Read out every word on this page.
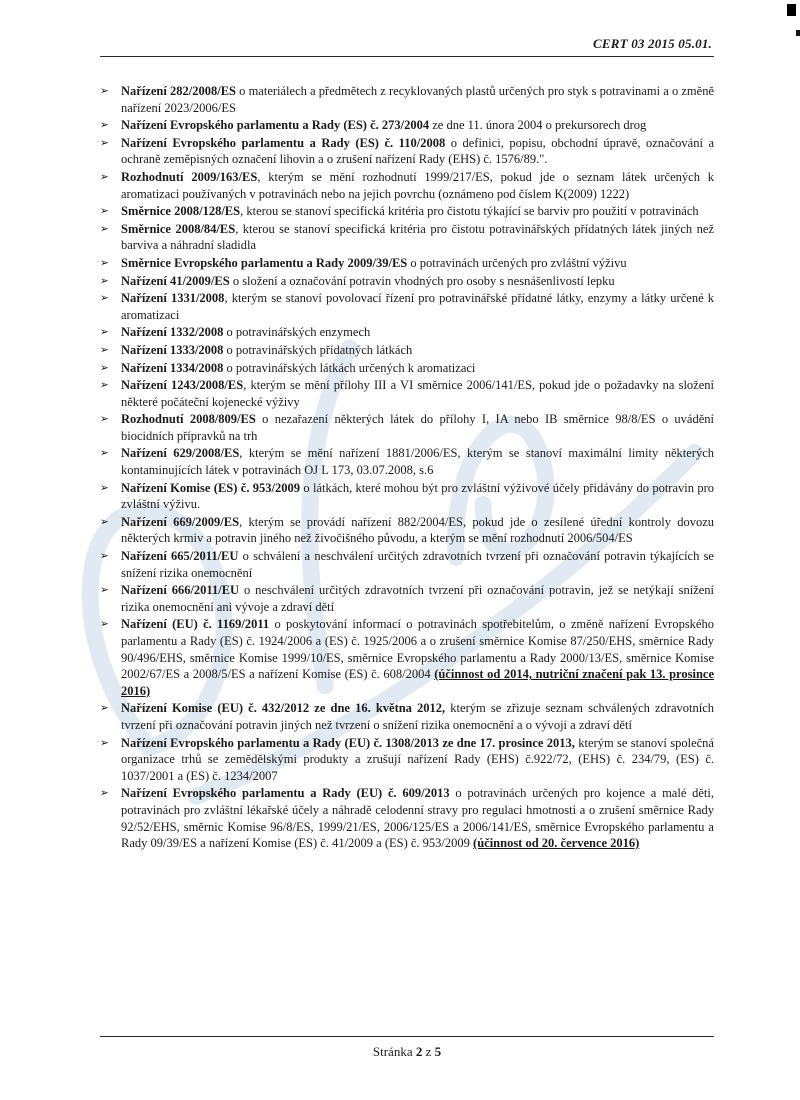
CERT 03 2015 05.01.
➢ Nařízení 282/2008/ES o materiálech a předmětech z recyklovaných plastů určených pro styk s potravinami a o změně nařízení 2023/2006/ES
➢ Nařízení Evropského parlamentu a Rady (ES) č. 273/2004 ze dne 11. února 2004 o prekursorech drog
➢ Nařízení Evropského parlamentu a Rady (ES) č. 110/2008 o definici, popisu, obchodní úpravě, označování a ochraně zeměpisných označení lihovin a o zrušení nařízení Rady (EHS) č. 1576/89.".
➢ Rozhodnutí 2009/163/ES, kterým se mění rozhodnutí 1999/217/ES, pokud jde o seznam látek určených k aromatizaci používaných v potravinách nebo na jejich povrchu (oznámeno pod číslem K(2009) 1222)
➢ Směrnice 2008/128/ES, kterou se stanoví specifická kritéria pro čistotu týkající se barviv pro použití v potravinách
➢ Směrnice 2008/84/ES, kterou se stanoví specifická kritéria pro čistotu potravinářských přídatných látek jiných než barviva a náhradní sladidla
➢ Směrnice Evropského parlamentu a Rady 2009/39/ES o potravinách určených pro zvláštní výživu
➢ Nařízení 41/2009/ES o složení a označování potravin vhodných pro osoby s nesnášenlivostí lepku
➢ Nařízení 1331/2008, kterým se stanoví povolovací řízení pro potravinářské přídatné látky, enzymy a látky určené k aromatizaci
➢ Nařízení 1332/2008 o potravinářských enzymech
➢ Nařízení 1333/2008 o potravinářských přídatných látkách
➢ Nařízení 1334/2008 o potravinářských látkách určených k aromatizaci
➢ Nařízení 1243/2008/ES, kterým se mění přílohy III a VI směrnice 2006/141/ES, pokud jde o požadavky na složení některé počáteční kojenecké výživy
➢ Rozhodnutí 2008/809/ES o nezařazení některých látek do přílohy I, IA nebo IB směrnice 98/8/ES o uvádění biocidních přípravků na trh
➢ Nařízení 629/2008/ES, kterým se mění nařízení 1881/2006/ES, kterým se stanoví maximální limity některých kontaminujících látek v potravinách OJ L 173, 03.07.2008, s.6
➢ Nařízení Komise (ES) č. 953/2009 o látkách, které mohou být pro zvláštní výživové účely přidávány do potravin pro zvláštní výživu.
➢ Nařízení 669/2009/ES, kterým se provádí nařízení 882/2004/ES, pokud jde o zesílené úřední kontroly dovozu některých krmiv a potravin jiného než živočišného původu, a kterým se mění rozhodnutí 2006/504/ES
➢ Nařízení 665/2011/EU o schválení a neschválení určitých zdravotních tvrzení při označování potravin týkajících se snížení rizika onemocnění
➢ Nařízení 666/2011/EU o neschválení určitých zdravotních tvrzení při označování potravin, jež se netýkají snížení rizika onemocnění ani vývoje a zdraví dětí
➢ Nařízení (EU) č. 1169/2011 o poskytování informací o potravinách spotřebitelům, o změně nařízení Evropského parlamentu a Rady (ES) č. 1924/2006 a (ES) č. 1925/2006 a o zrušení směrnice Komise 87/250/EHS, směrnice Rady 90/496/EHS, směrnice Komise 1999/10/ES, směrnice Evropského parlamentu a Rady 2000/13/ES, směrnice Komise 2002/67/ES a 2008/5/ES a nařízení Komise (ES) č. 608/2004 (účinnost od 2014, nutriční značení pak 13. prosince 2016)
➢ Nařízení Komise (EU) č. 432/2012 ze dne 16. května 2012, kterým se zřizuje seznam schválených zdravotních tvrzení při označování potravin jiných než tvrzení o snížení rizika onemocnění a o vývoji a zdraví dětí
➢ Nařízení Evropského parlamentu a Rady (EU) č. 1308/2013 ze dne 17. prosince 2013, kterým se stanoví společná organizace trhů se zemědělskými produkty a zrušují nařízení Rady (EHS) č.922/72, (EHS) č. 234/79, (ES) č. 1037/2001 a (ES) č. 1234/2007
➢ Nařízení Evropského parlamentu a Rady (EU) č. 609/2013 o potravinách určených pro kojence a malé děti, potravinách pro zvláštní lékařské účely a náhradě celodenní stravy pro regulaci hmotnosti a o zrušení směrnice Rady 92/52/EHS, směrnic Komise 96/8/ES, 1999/21/ES, 2006/125/ES a 2006/141/ES, směrnice Evropského parlamentu a Rady 09/39/ES a nařízení Komise (ES) č. 41/2009 a (ES) č. 953/2009 (účinnost od 20. července 2016)
Stránka 2 z 5
